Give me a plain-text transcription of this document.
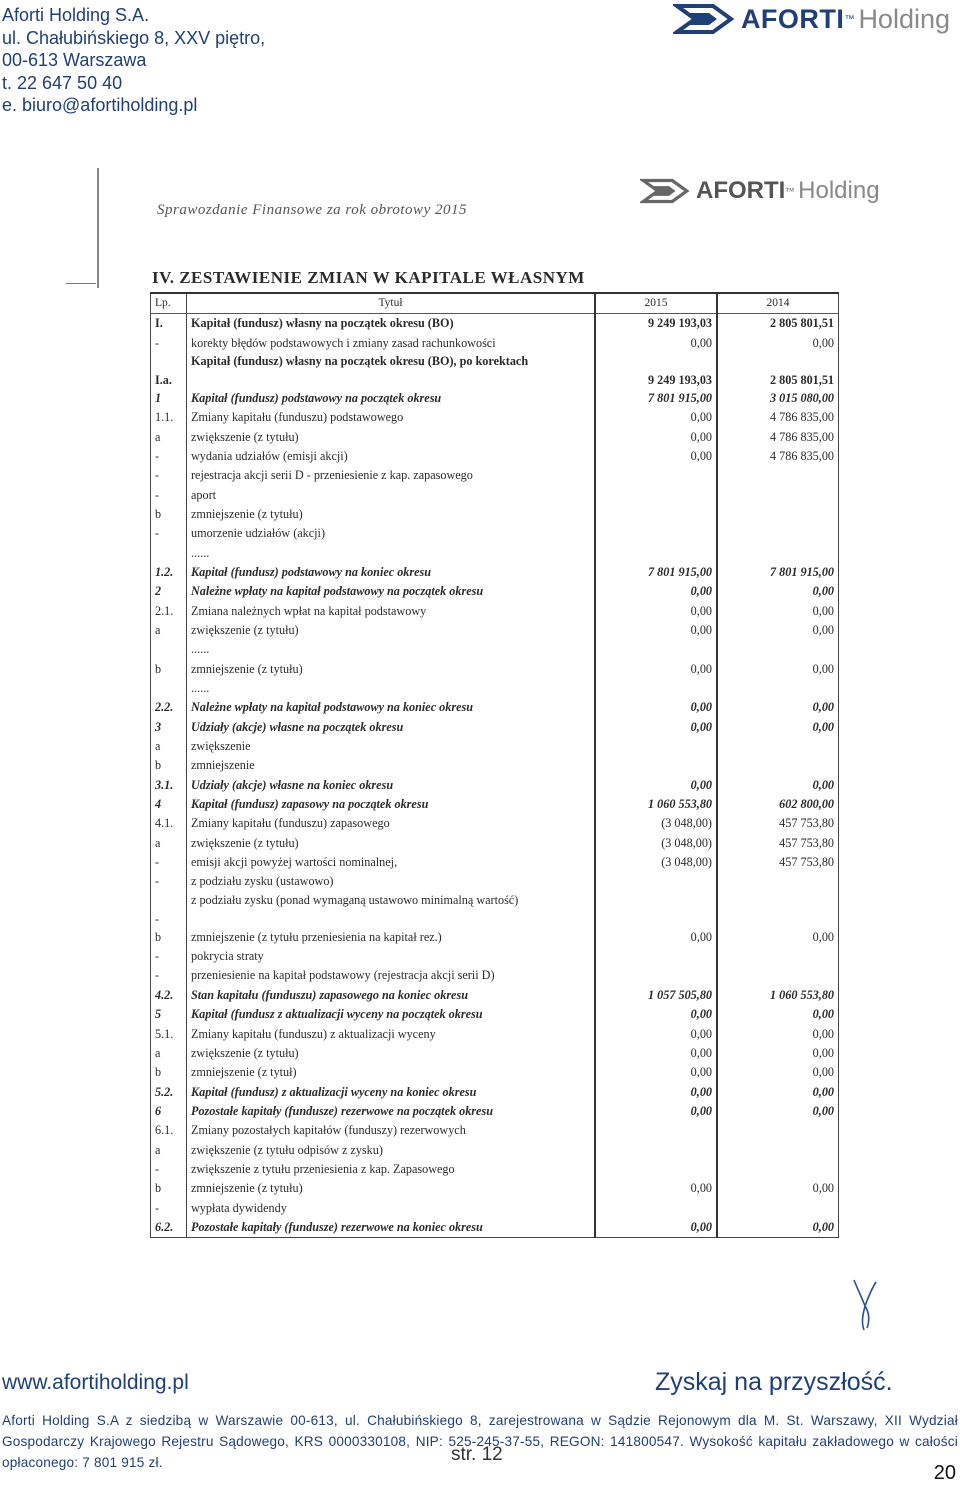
Aforti Holding S.A.
ul. Chałubińskiego 8, XXV piętro,
00-613 Warszawa
t. 22 647 50 40
e. biuro@afortiholding.pl
AFORTI ™ Holding
Sprawozdanie Finansowe za rok obrotowy 2015
AFORTI ™ Holding
IV. ZESTAWIENIE ZMIAN W KAPITALE WŁASNYM
Lp.	Tytuł	2015	2014
I.	Kapitał (fundusz) własny na początek okresu (BO)	9 249 193,03	2 805 801,51
-	korekty błędów podstawowych i zmiany zasad rachunkowości	0,00	0,00
I.a.	Kapitał (fundusz) własny na początek okresu (BO), po korektach	9 249 193,03	2 805 801,51
1	Kapitał (fundusz) podstawowy na początek okresu	7 801 915,00	3 015 080,00
1.1.	Zmiany kapitału (funduszu) podstawowego	0,00	4 786 835,00
a	zwiększenie (z tytułu)	0,00	4 786 835,00
-	wydania udziałów (emisji akcji)	0,00	4 786 835,00
-	rejestracja akcji serii D - przeniesienie z kap. zapasowego		
-	aport		
b	zmniejszenie (z tytułu)		
-	umorzenie udziałów (akcji)		
	......		
1.2.	Kapitał (fundusz) podstawowy na koniec okresu	7 801 915,00	7 801 915,00
2	Należne wpłaty na kapitał podstawowy na początek okresu	0,00	0,00
2.1.	Zmiana należnych wpłat na kapitał podstawowy	0,00	0,00
a	zwiększenie (z tytułu)	0,00	0,00
	......		
b	zmniejszenie (z tytułu)	0,00	0,00
	......		
2.2.	Należne wpłaty na kapitał podstawowy na koniec okresu	0,00	0,00
3	Udziały (akcje) własne na początek okresu	0,00	0,00
a	zwiększenie		
b	zmniejszenie		
3.1.	Udziały (akcje) własne na koniec okresu	0,00	0,00
4	Kapitał (fundusz) zapasowy na początek okresu	1 060 553,80	602 800,00
4.1.	Zmiany kapitału (funduszu) zapasowego	(3 048,00)	457 753,80
a	zwiększenie (z tytułu)	(3 048,00)	457 753,80
-	emisji akcji powyżej wartości nominalnej,	(3 048,00)	457 753,80
-	z podziału zysku (ustawowo)		
-	z podziału zysku (ponad wymaganą ustawowo minimalną wartość)		
b	zmniejszenie (z tytułu przeniesienia na kapitał rez.)	0,00	0,00
-	pokrycia straty		
-	przeniesienie na kapitał podstawowy (rejestracja akcji serii D)		
4.2.	Stan kapitału (funduszu) zapasowego na koniec okresu	1 057 505,80	1 060 553,80
5	Kapitał (fundusz z aktualizacji wyceny na początek okresu	0,00	0,00
5.1.	Zmiany kapitału (funduszu) z aktualizacji wyceny	0,00	0,00
a	zwiększenie (z tytułu)	0,00	0,00
b	zmniejszenie (z tytuł)	0,00	0,00
5.2.	Kapitał (fundusz) z aktualizacji wyceny na koniec okresu	0,00	0,00
6	Pozostałe kapitały (fundusze) rezerwowe na początek okresu	0,00	0,00
6.1.	Zmiany pozostałych kapitałów (funduszy) rezerwowych		
a	zwiększenie (z tytułu odpisów z zysku)		
-	zwiększenie z tytułu przeniesienia z kap. Zapasowego		
b	zmniejszenie (z tytułu)	0,00	0,00
-	wypłata dywidendy		
6.2.	Pozostałe kapitały (fundusze) rezerwowe na koniec okresu	0,00	0,00
str. 12
www.afortiholding.pl	Zyskaj na przyszłość.
Aforti Holding S.A z siedzibą w Warszawie 00-613, ul. Chałubińskiego 8, zarejestrowana w Sądzie Rejonowym dla M. St. Warszawy, XII Wydział Gospodarczy Krajowego Rejestru Sądowego, KRS 0000330108, NIP: 525-245-37-55, REGON: 141800547. Wysokość kapitału zakładowego w całości opłaconego: 7 801 915 zł.	20
